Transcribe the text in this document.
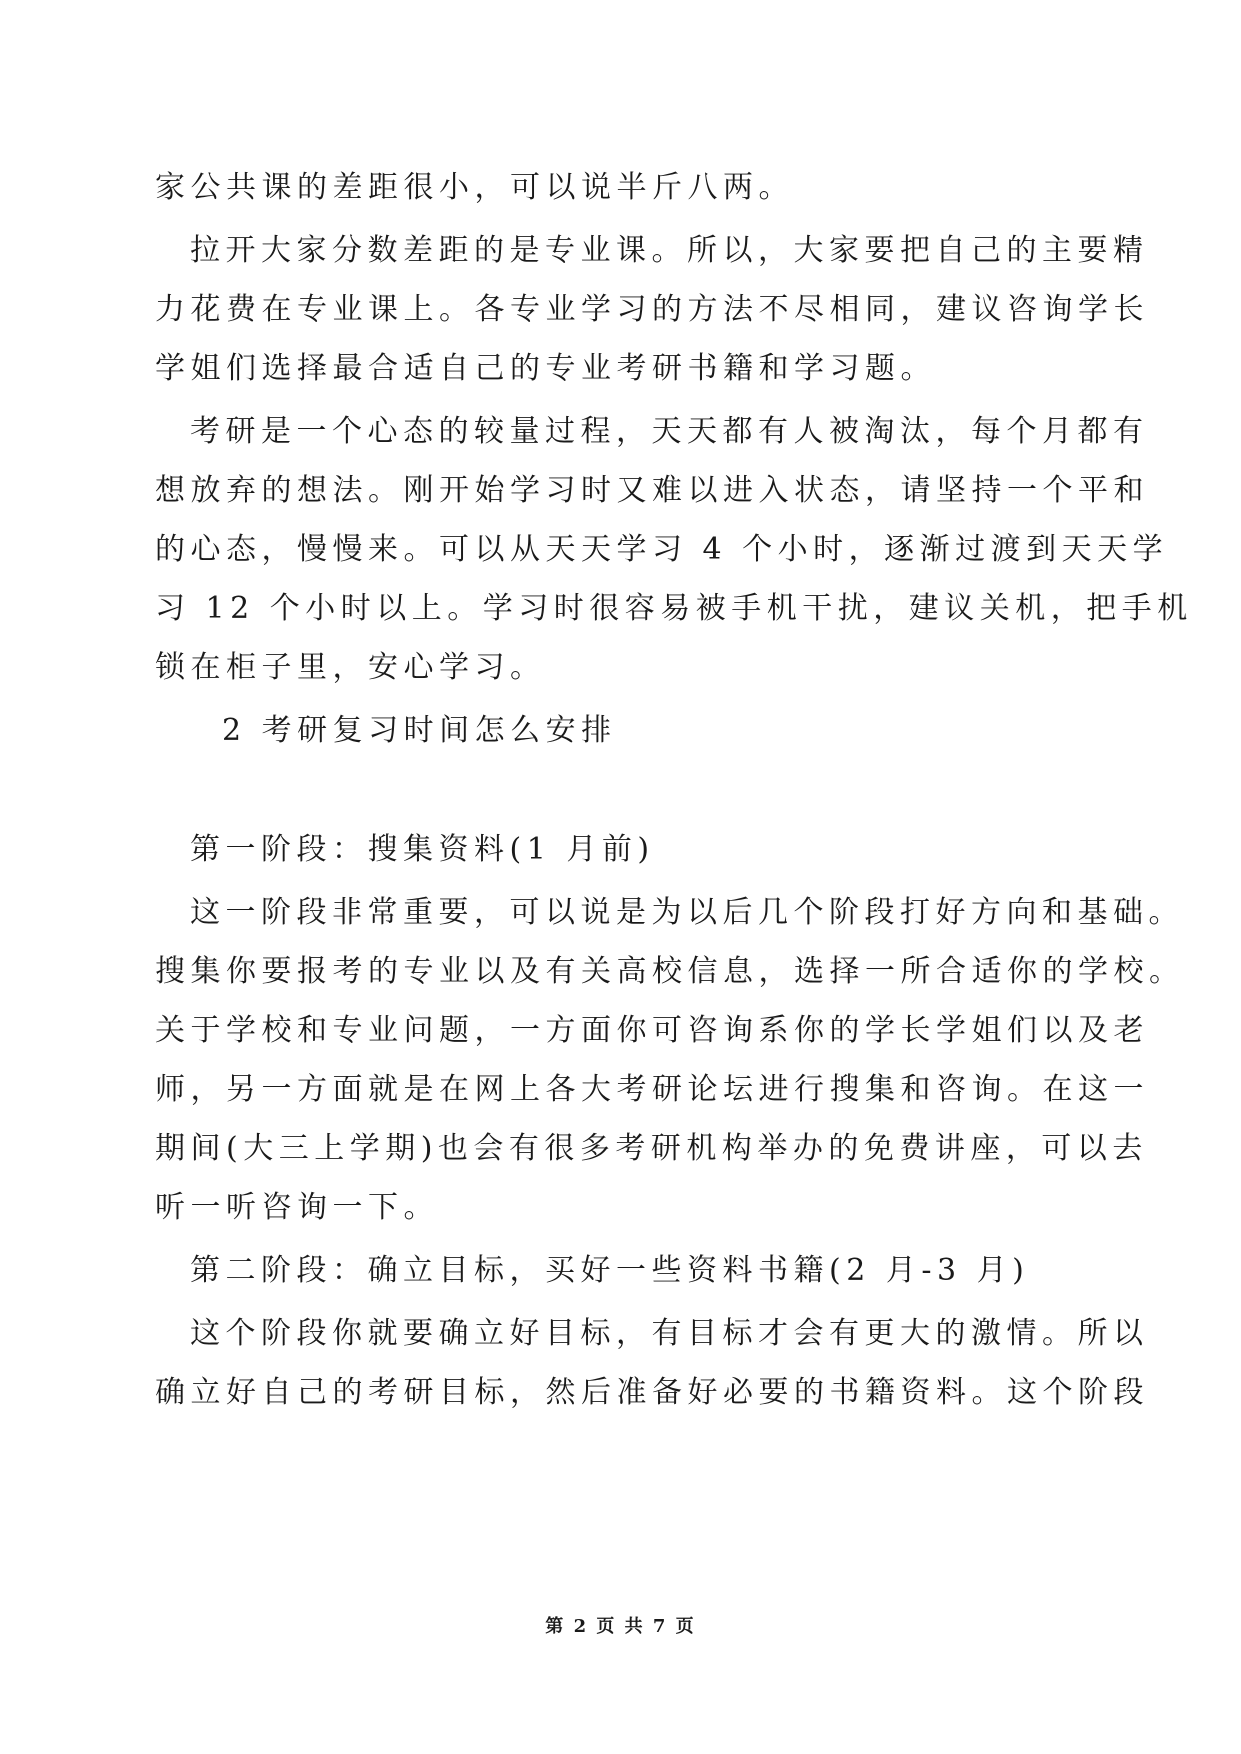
家公共课的差距很小，可以说半斤八两。
拉开大家分数差距的是专业课。所以，大家要把自己的主要精
力花费在专业课上。各专业学习的方法不尽相同，建议咨询学长
学姐们选择最合适自己的专业考研书籍和学习题。
考研是一个心态的较量过程，天天都有人被淘汰，每个月都有
想放弃的想法。刚开始学习时又难以进入状态，请坚持一个平和
的心态，慢慢来。可以从天天学习 4 个小时，逐渐过渡到天天学
习 12 个小时以上。学习时很容易被手机干扰，建议关机，把手机
锁在柜子里，安心学习。
2 考研复习时间怎么安排
第一阶段：搜集资料(1 月前)
这一阶段非常重要，可以说是为以后几个阶段打好方向和基础。
搜集你要报考的专业以及有关高校信息，选择一所合适你的学校。
关于学校和专业问题，一方面你可咨询系你的学长学姐们以及老
师，另一方面就是在网上各大考研论坛进行搜集和咨询。在这一
期间(大三上学期)也会有很多考研机构举办的免费讲座，可以去
听一听咨询一下。
第二阶段：确立目标，买好一些资料书籍(2 月-3 月)
这个阶段你就要确立好目标，有目标才会有更大的激情。所以
确立好自己的考研目标，然后准备好必要的书籍资料。这个阶段
第 2 页 共 7 页
